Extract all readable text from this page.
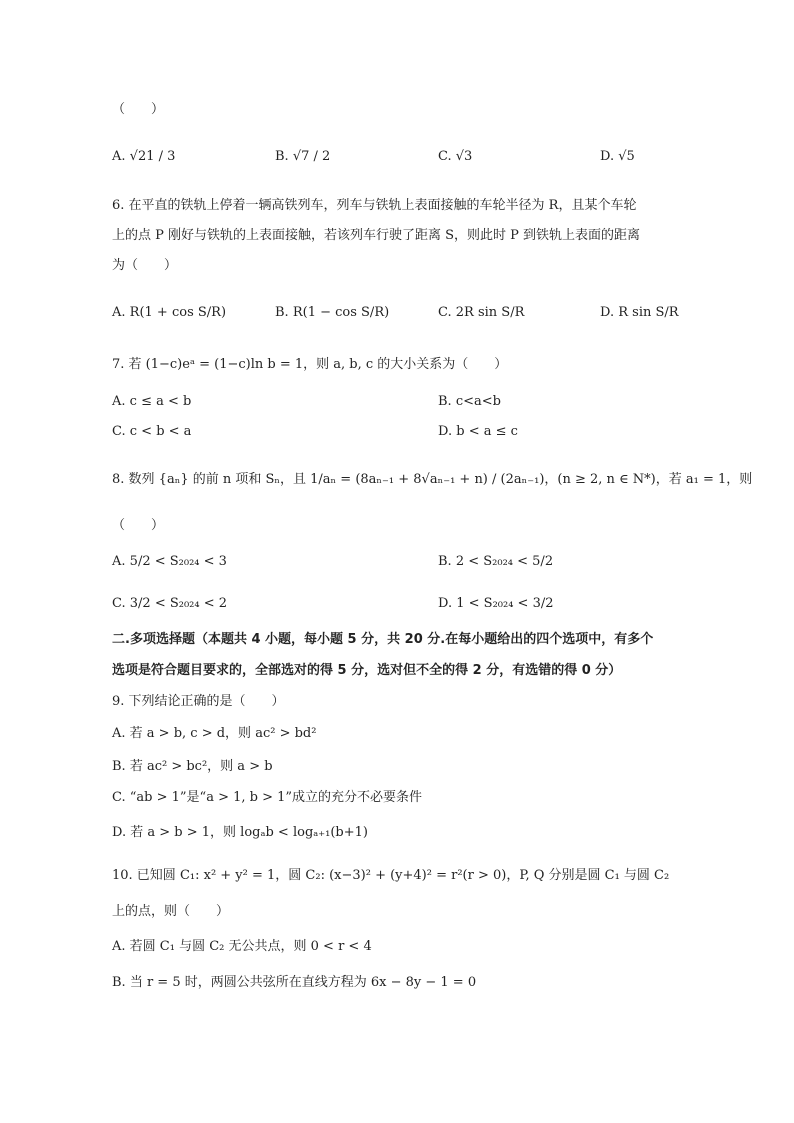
（　　）
A. √21 / 3	B. √7 / 2	C. √3	D. √5
6. 在平直的铁轨上停着一辆高铁列车，列车与铁轨上表面接触的车轮半径为 R，且某个车轮
上的点 P 刚好与铁轨的上表面接触，若该列车行驶了距离 S，则此时 P 到铁轨上表面的距离
为（　　）
A. R(1 + cos S/R)	B. R(1 − cos S/R)	C. 2R sin S/R	D. R sin S/R
7. 若 (1−c)eᵃ = (1−c)ln b = 1，则 a, b, c 的大小关系为（　　）
A. c ≤ a < b	B. c<a<b
C. c < b < a	D. b < a ≤ c
8. 数列 {aₙ} 的前 n 项和 Sₙ，且 1/aₙ = (8aₙ₋₁ + 8√aₙ₋₁ + n) / (2aₙ₋₁)，(n ≥ 2, n ∈ N*)，若 a₁ = 1，则
（　　）
A. 5/2 < S₂₀₂₄ < 3	B. 2 < S₂₀₂₄ < 5/2
C. 3/2 < S₂₀₂₄ < 2	D. 1 < S₂₀₂₄ < 3/2
二.多项选择题（本题共 4 小题，每小题 5 分，共 20 分.在每小题给出的四个选项中，有多个
选项是符合题目要求的，全部选对的得 5 分，选对但不全的得 2 分，有选错的得 0 分）
9. 下列结论正确的是（　　）
A. 若 a > b, c > d，则 ac² > bd²
B. 若 ac² > bc²，则 a > b
C. “ab > 1”是“a > 1, b > 1”成立的充分不必要条件
D. 若 a > b > 1，则 logₐb < logₐ₊₁(b+1)
10. 已知圆 C₁: x² + y² = 1，圆 C₂: (x−3)² + (y+4)² = r²(r > 0)，P, Q 分别是圆 C₁ 与圆 C₂
上的点，则（　　）
A. 若圆 C₁ 与圆 C₂ 无公共点，则 0 < r < 4
B. 当 r = 5 时，两圆公共弦所在直线方程为 6x − 8y − 1 = 0
